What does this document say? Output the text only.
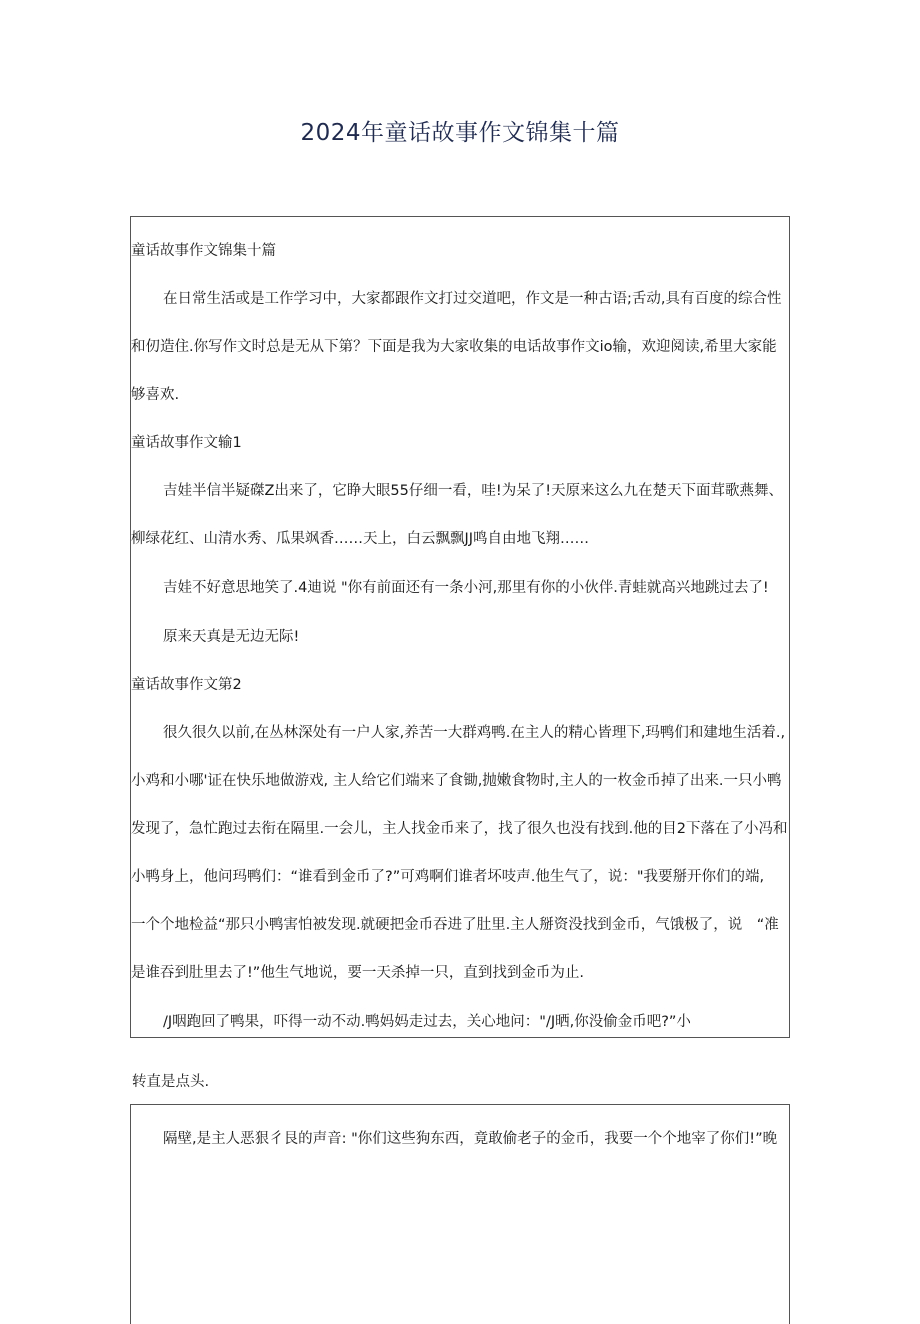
2024年童话故事作文锦集十篇
童话故事作文锦集十篇
在日常生活或是工作学习中，大家都跟作文打过交道吧，作文是一种古语;舌动,具有百度的综合性
和仞造住.你写作文时总是无从下第？下面是我为大家收集的电话故事作文io输，欢迎阅读,希里大家能
够喜欢.
童话故事作文输1
吉娃半信半疑磔Z出来了，它睁大眼55仔细一看，哇!为呆了!天原来这么九在楚天下面茸歌燕舞、
柳绿花红、山清水秀、瓜果飒香……天上，白云飘飘JJ鸣自由地飞翔……
吉娃不好意思地笑了.4迪说 "你有前面还有一条小河,那里有你的小伙伴.青蛙就高兴地跳过去了!
原来天真是无边无际!
童话故事作文第2
很久很久以前,在丛林深处有一户人家,养苦一大群鸡鸭.在主人的精心皆理下,玛鸭们和建地生活着.,
小鸡和小哪'证在快乐地做游戏, 主人给它们端来了食锄,抛嫩食物时,主人的一枚金币掉了出来.一只小鸭
发现了，急忙跑过去衔在隔里.一会儿，主人找金币来了，找了很久也没有找到.他的目2下落在了小冯和
小鸭身上，他问玛鸭们：“谁看到金币了?”可鸡啊们谁者坏吱声.他生气了，说："我要掰开你们的端,
一个个地检益“那只小鸭害怕被发现.就硬把金币吞进了肚里.主人掰资没找到金币，气饿极了，说　“准
是谁吞到肚里去了!”他生气地说，要一天杀掉一只，直到找到金币为止.
/J咽跑回了鸭果，吓得一动不动.鸭妈妈走过去，关心地问："/J晒,你没偷金币吧?”小
转直是点头.
隔壁,是主人恶狠彳艮的声音: "你们这些狗东西，竟敢偷老子的金币，我要一个个地宰了你们!”晚
